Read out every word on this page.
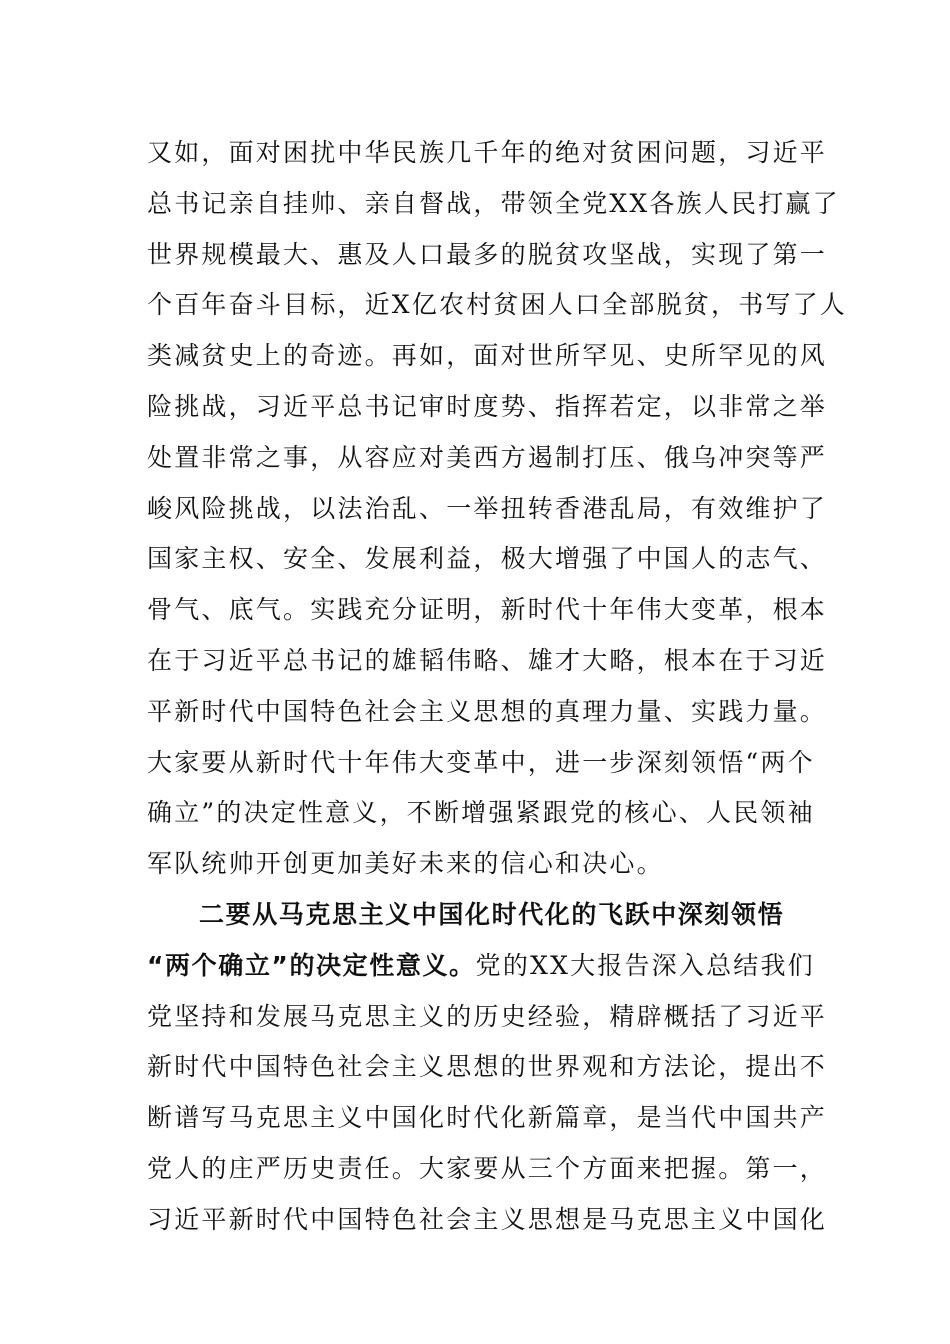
又如，面对困扰中华民族几千年的绝对贫困问题，习近平
总书记亲自挂帅、亲自督战，带领全党XX各族人民打赢了
世界规模最大、惠及人口最多的脱贫攻坚战，实现了第一
个百年奋斗目标，近X亿农村贫困人口全部脱贫，书写了人
类减贫史上的奇迹。再如，面对世所罕见、史所罕见的风
险挑战，习近平总书记审时度势、指挥若定，以非常之举
处置非常之事，从容应对美西方遏制打压、俄乌冲突等严
峻风险挑战，以法治乱、一举扭转香港乱局，有效维护了
国家主权、安全、发展利益，极大增强了中国人的志气、
骨气、底气。实践充分证明，新时代十年伟大变革，根本
在于习近平总书记的雄韬伟略、雄才大略，根本在于习近
平新时代中国特色社会主义思想的真理力量、实践力量。
大家要从新时代十年伟大变革中，进一步深刻领悟“两个
确立”的决定性意义，不断增强紧跟党的核心、人民领袖
军队统帅开创更加美好未来的信心和决心。
二要从马克思主义中国化时代化的飞跃中深刻领悟
“两个确立”的决定性意义。党的XX大报告深入总结我们
党坚持和发展马克思主义的历史经验，精辟概括了习近平
新时代中国特色社会主义思想的世界观和方法论，提出不
断谱写马克思主义中国化时代化新篇章，是当代中国共产
党人的庄严历史责任。大家要从三个方面来把握。第一，
习近平新时代中国特色社会主义思想是马克思主义中国化
